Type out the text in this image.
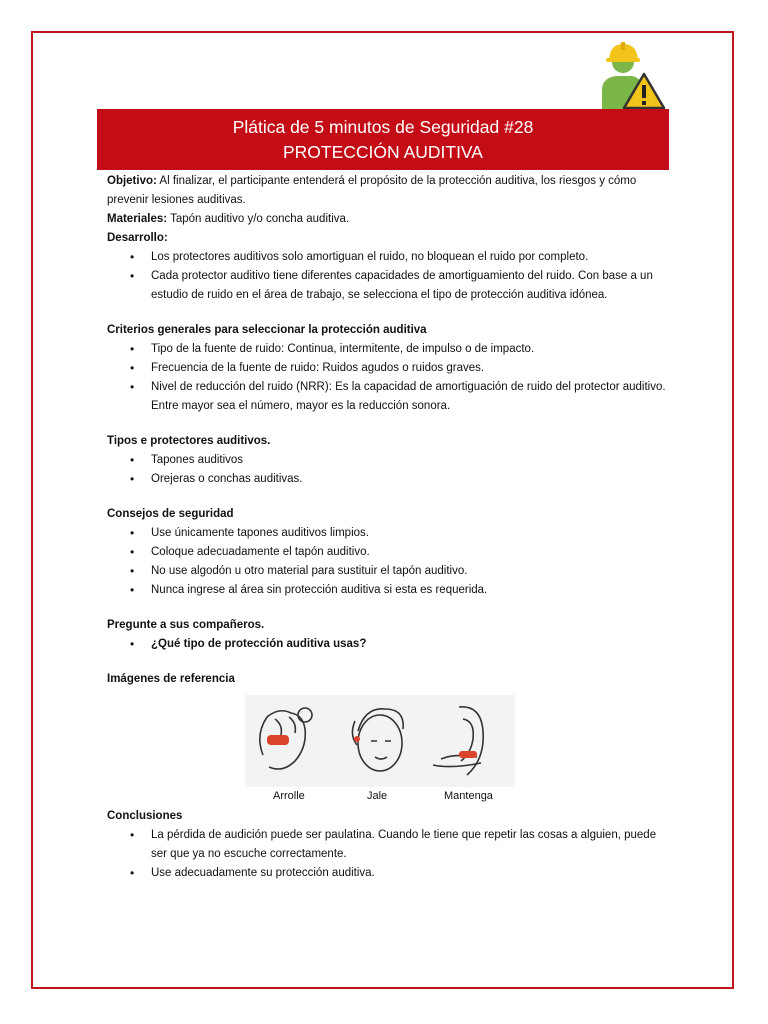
Plática de 5 minutos de Seguridad #28
PROTECCIÓN AUDITIVA

Objetivo: Al finalizar, el participante entenderá el propósito de la protección auditiva, los riesgos y cómo prevenir lesiones auditivas.

Materiales: Tapón auditivo y/o concha auditiva.

Desarrollo:

• Los protectores auditivos solo amortiguan el ruido, no bloquean el ruido por completo.
• Cada protector auditivo tiene diferentes capacidades de amortiguamiento del ruido. Con base a un estudio de ruido en el área de trabajo, se selecciona el tipo de protección auditiva idónea.

Criterios generales para seleccionar la protección auditiva

• Tipo de la fuente de ruido: Continua, intermitente, de impulso o de impacto.
• Frecuencia de la fuente de ruido: Ruidos agudos o ruidos graves.
• Nivel de reducción del ruido (NRR): Es la capacidad de amortiguación de ruido del protector auditivo. Entre mayor sea el número, mayor es la reducción sonora.

Tipos e protectores auditivos.

• Tapones auditivos
• Orejeras o conchas auditivas.

Consejos de seguridad

• Use únicamente tapones auditivos limpios.
• Coloque adecuadamente el tapón auditivo.
• No use algodón u otro material para sustituir el tapón auditivo.
• Nunca ingrese al área sin protección auditiva si esta es requerida.

Pregunte a sus compañeros.

• ¿Qué tipo de protección auditiva usas?

Imágenes de referencia

Arrolle	Jale	Mantenga

Conclusiones

• La pérdida de audición puede ser paulatina. Cuando le tiene que repetir las cosas a alguien, puede ser que ya no escuche correctamente.
• Use adecuadamente su protección auditiva.
